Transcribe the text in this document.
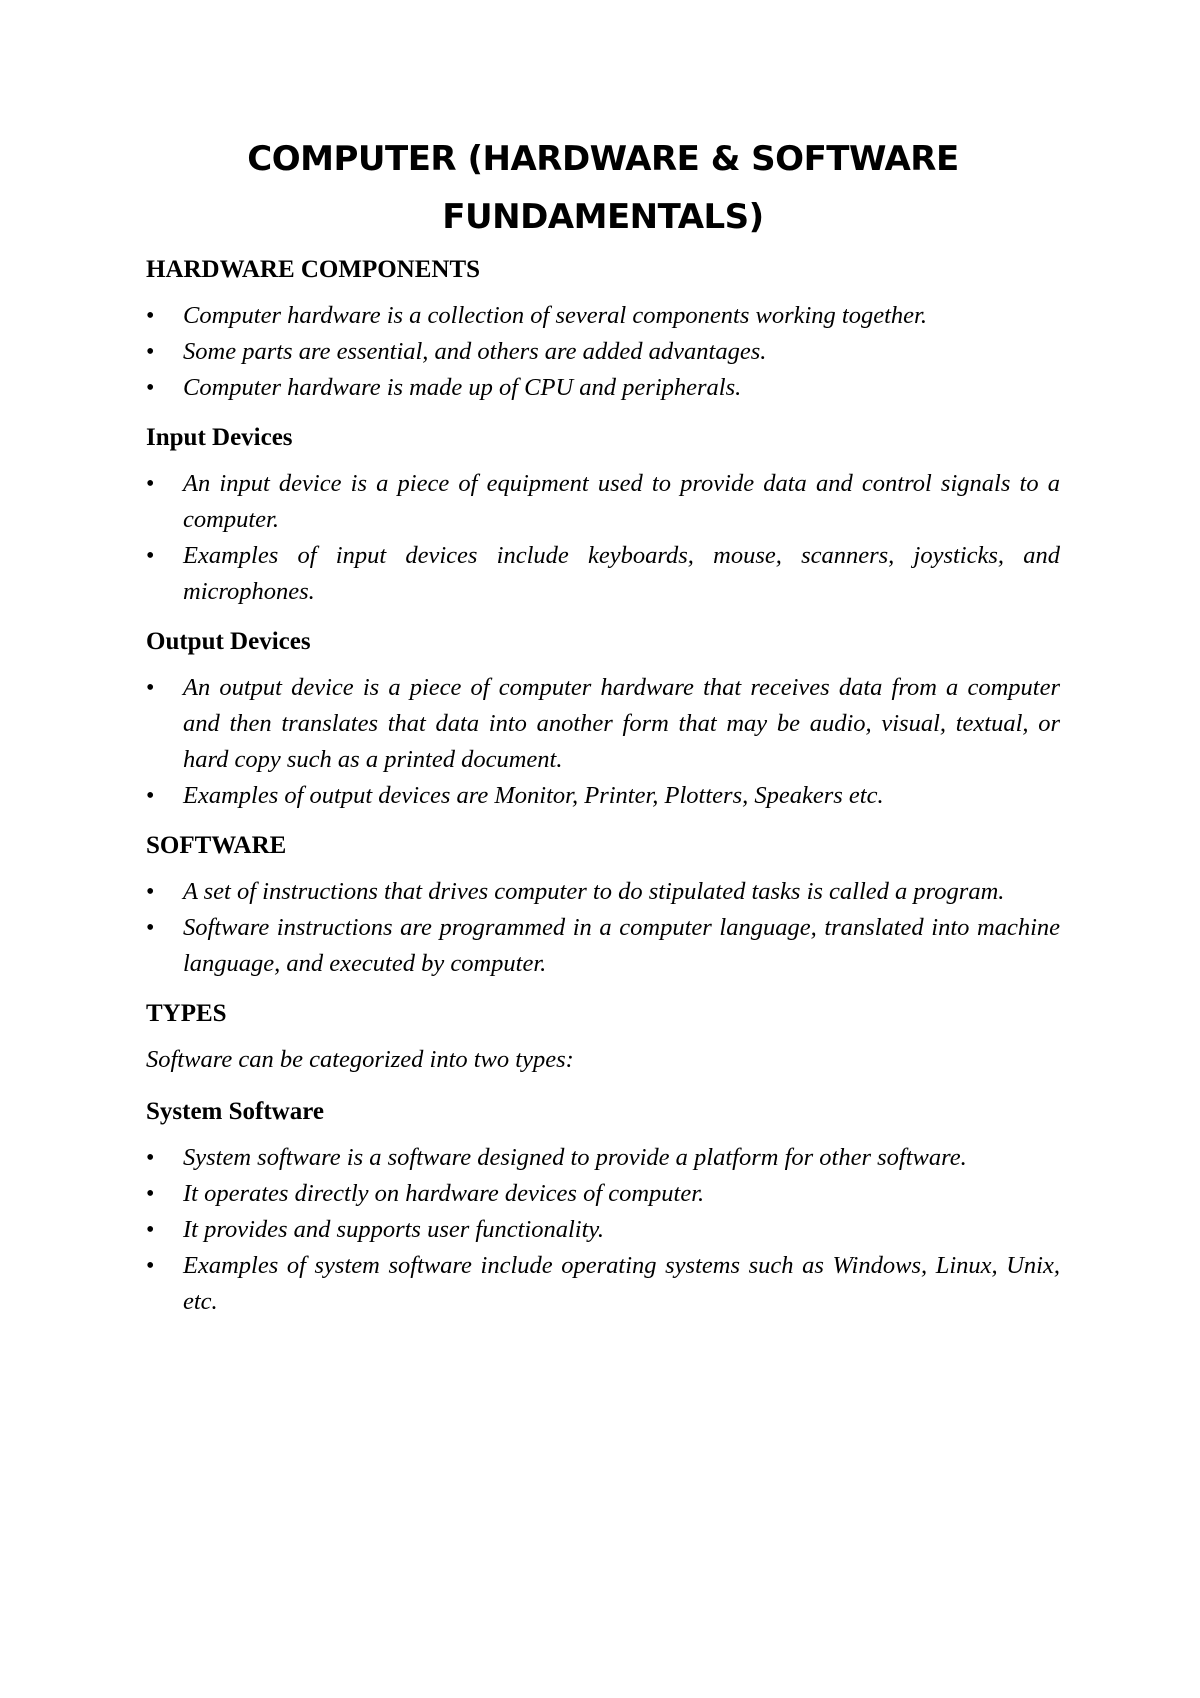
COMPUTER (HARDWARE & SOFTWARE FUNDAMENTALS)
HARDWARE COMPONENTS
• Computer hardware is a collection of several components working together.
• Some parts are essential, and others are added advantages.
• Computer hardware is made up of CPU and peripherals.
Input Devices
• An input device is a piece of equipment used to provide data and control signals to a computer.
• Examples of input devices include keyboards, mouse, scanners, joysticks, and microphones.
Output Devices
• An output device is a piece of computer hardware that receives data from a computer and then translates that data into another form that may be audio, visual, textual, or hard copy such as a printed document.
• Examples of output devices are Monitor, Printer, Plotters, Speakers etc.
SOFTWARE
• A set of instructions that drives computer to do stipulated tasks is called a program.
• Software instructions are programmed in a computer language, translated into machine language, and executed by computer.
TYPES

Software can be categorized into two types:

System Software
• System software is a software designed to provide a platform for other software.
• It operates directly on hardware devices of computer.
• It provides and supports user functionality.
• Examples of system software include operating systems such as Windows, Linux, Unix, etc.
